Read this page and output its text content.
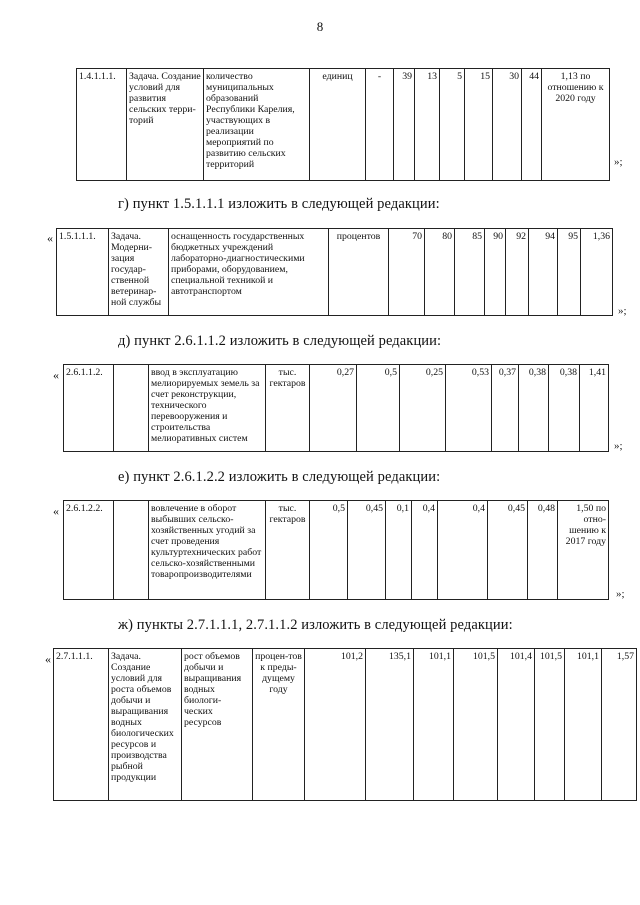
8
1.4.1.1.1.	Задача. Создание условий для развития сельских терри-торий	количество муниципальных образований Республики Карелия, участвующих в реализации мероприятий по развитию сельских территорий	единиц	-	39	13	5	15	30	44	1,13 по отношению к 2020 году
»;
г) пункт 1.5.1.1.1 изложить в следующей редакции:
« 1.5.1.1.1.	Задача. Модерни-зация государ-ственной ветеринар-ной службы	оснащенность государственных бюджетных учреждений лабораторно-диагностическими приборами, оборудованием, специальной техникой и автотранспортом	процентов	70	80	85	90	92	94	95	1,36
»;
д) пункт 2.6.1.1.2 изложить в следующей редакции:
« 2.6.1.1.2.		ввод в эксплуатацию мелиорируемых земель за счет реконструкции, технического перевооружения и строительства мелиоративных систем	тыс. гектаров	0,27	0,5	0,25	0,53	0,37	0,38	0,38	1,41
»;
е) пункт 2.6.1.2.2 изложить в следующей редакции:
« 2.6.1.2.2.		вовлечение в оборот выбывших сельско-хозяйственных угодий за счет проведения культуртехнических работ сельско-хозяйственными товаропроизводителями	тыс. гектаров	0,5	0,45	0,1	0,4	0,4	0,45	0,48	1,50 по отно-шению к 2017 году
»;
ж) пункты 2.7.1.1.1, 2.7.1.1.2 изложить в следующей редакции:
« 2.7.1.1.1.	Задача. Создание условий для роста объемов добычи и выращивания водных биологических ресурсов и производства рыбной продукции	рост объемов добычи и выращивания водных биологи-ческих ресурсов	процен-тов к преды-дущему году	101,2	135,1	101,1	101,5	101,4	101,5	101,1	1,57
